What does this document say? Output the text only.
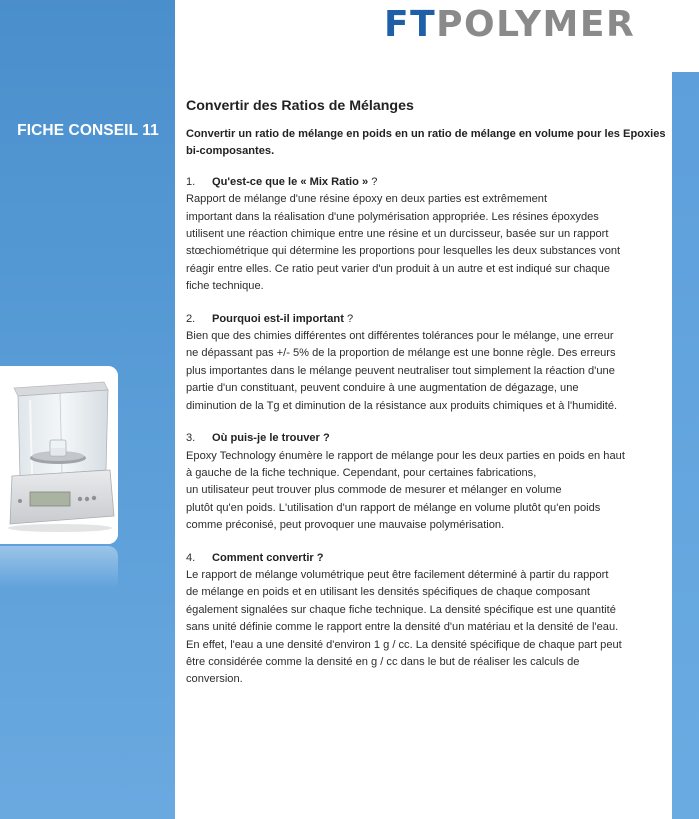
FICHE CONSEIL 11
FTPOLYMER
Convertir des Ratios de Mélanges
Convertir un ratio de mélange en poids en un ratio de mélange en volume pour les Epoxies bi-composantes.
1. Qu'est-ce que le « Mix Ratio » ?

Rapport de mélange d'une résine époxy en deux parties est extrêmement

important dans la réalisation d'une polymérisation appropriée. Les résines époxydes

utilisent une réaction chimique entre une résine et un durcisseur, basée sur un rapport

stœchiométrique qui détermine les proportions pour lesquelles les deux substances vont

réagir entre elles. Ce ratio peut varier d'un produit à un autre et est indiqué sur chaque

fiche technique.

2. Pourquoi est-il important ?

Bien que des chimies différentes ont différentes tolérances pour le mélange, une erreur

ne dépassant pas +/- 5% de la proportion de mélange est une bonne règle. Des erreurs

plus importantes dans le mélange peuvent neutraliser tout simplement la réaction d'une

partie d'un constituant, peuvent conduire à une augmentation de dégazage, une

diminution de la Tg et diminution de la résistance aux produits chimiques et à l'humidité.

3. Où puis-je le trouver ?

Epoxy Technology énumère le rapport de mélange pour les deux parties en poids en haut

à gauche de la fiche technique. Cependant, pour certaines fabrications,

un utilisateur peut trouver plus commode de mesurer et mélanger en volume

plutôt qu'en poids. L'utilisation d'un rapport de mélange en volume plutôt qu'en poids

comme préconisé, peut provoquer une mauvaise polymérisation.

4. Comment convertir ?

Le rapport de mélange volumétrique peut être facilement déterminé à partir du rapport

de mélange en poids et en utilisant les densités spécifiques de chaque composant

également signalées sur chaque fiche technique. La densité spécifique est une quantité

sans unité définie comme le rapport entre la densité d'un matériau et la densité de l'eau.

En effet, l'eau a une densité d'environ 1 g / cc. La densité spécifique de chaque part peut

être considérée comme la densité en g / cc dans le but de réaliser les calculs de

conversion.
